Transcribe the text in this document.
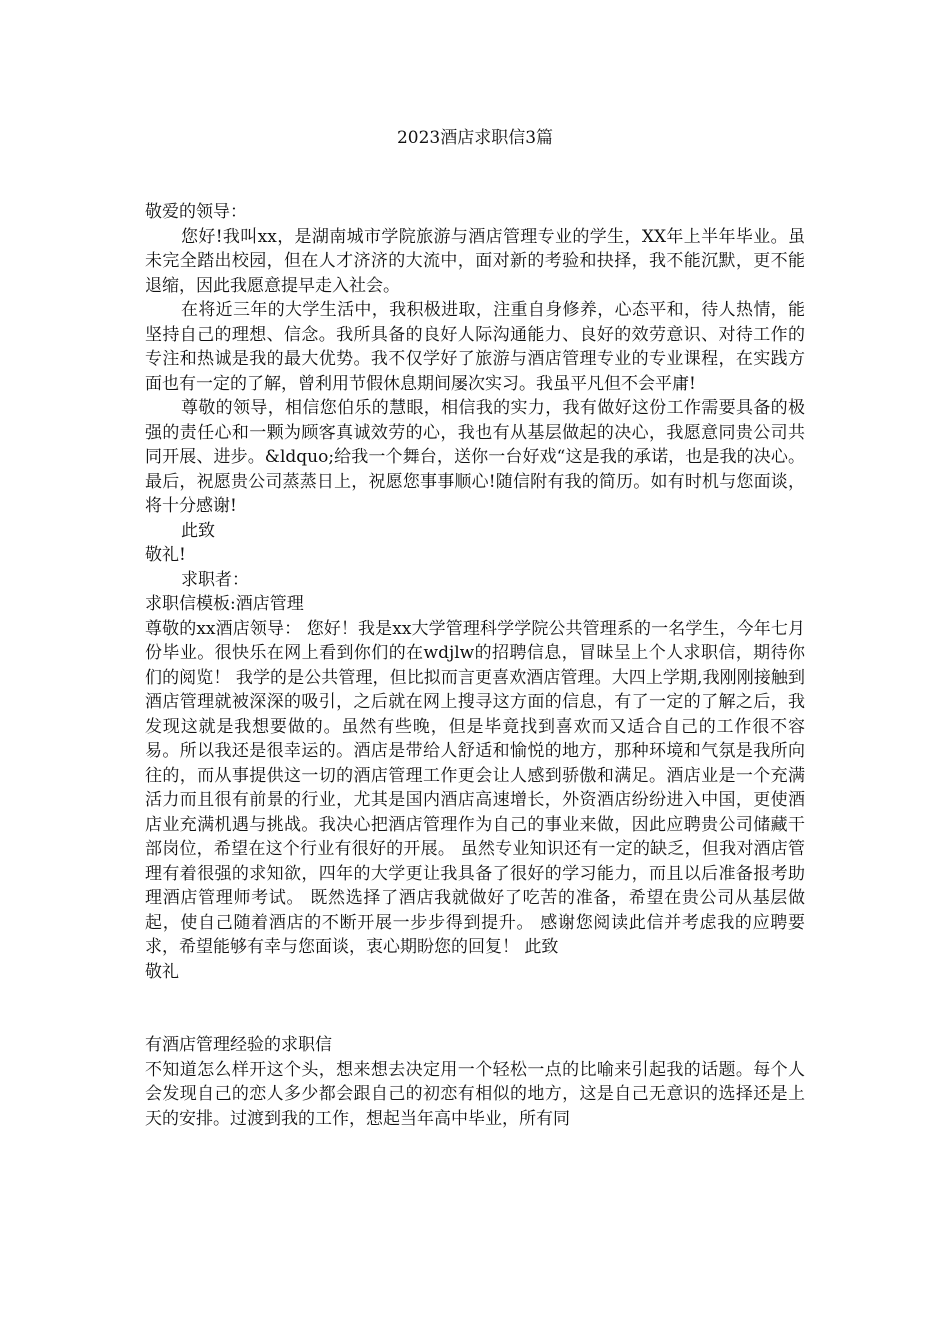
2023酒店求职信3篇

敬爱的领导：

您好!我叫xx，是湖南城市学院旅游与酒店管理专业的学生，XX年上半年毕业。虽未完全踏出校园，但在人才济济的大流中，面对新的考验和抉择，我不能沉默，更不能退缩，因此我愿意提早走入社会。

在将近三年的大学生活中，我积极进取，注重自身修养，心态平和，待人热情，能坚持自己的理想、信念。我所具备的良好人际沟通能力、良好的效劳意识、对待工作的专注和热诚是我的最大优势。我不仅学好了旅游与酒店管理专业的专业课程，在实践方面也有一定的了解，曾利用节假休息期间屡次实习。我虽平凡但不会平庸!

尊敬的领导，相信您伯乐的慧眼，相信我的实力，我有做好这份工作需要具备的极强的责任心和一颗为顾客真诚效劳的心，我也有从基层做起的决心，我愿意同贵公司共同开展、进步。&ldquo;给我一个舞台，送你一台好戏“这是我的承诺，也是我的决心。最后，祝愿贵公司蒸蒸日上，祝愿您事事顺心!随信附有我的简历。如有时机与您面谈，将十分感谢!

此致

敬礼!

求职者：

求职信模板:酒店管理

尊敬的xx酒店领导： 您好！我是xx大学管理科学学院公共管理系的一名学生，今年七月份毕业。很快乐在网上看到你们的在wdjlw的招聘信息，冒昧呈上个人求职信，期待你们的阅览！ 我学的是公共管理，但比拟而言更喜欢酒店管理。大四上学期,我刚刚接触到酒店管理就被深深的吸引，之后就在网上搜寻这方面的信息，有了一定的了解之后，我发现这就是我想要做的。虽然有些晚，但是毕竟找到喜欢而又适合自己的工作很不容易。所以我还是很幸运的。酒店是带给人舒适和愉悦的地方，那种环境和气氛是我所向往的，而从事提供这一切的酒店管理工作更会让人感到骄傲和满足。酒店业是一个充满活力而且很有前景的行业，尤其是国内酒店高速增长，外资酒店纷纷进入中国，更使酒店业充满机遇与挑战。我决心把酒店管理作为自己的事业来做，因此应聘贵公司储藏干部岗位，希望在这个行业有很好的开展。 虽然专业知识还有一定的缺乏，但我对酒店管理有着很强的求知欲，四年的大学更让我具备了很好的学习能力，而且以后准备报考助理酒店管理师考试。 既然选择了酒店我就做好了吃苦的准备，希望在贵公司从基层做起，使自己随着酒店的不断开展一步步得到提升。 感谢您阅读此信并考虑我的应聘要求，希望能够有幸与您面谈，衷心期盼您的回复！ 此致

敬礼

有酒店管理经验的求职信

不知道怎么样开这个头，想来想去决定用一个轻松一点的比喻来引起我的话题。每个人会发现自己的恋人多少都会跟自己的初恋有相似的地方，这是自己无意识的选择还是上天的安排。过渡到我的工作，想起当年高中毕业，所有同
